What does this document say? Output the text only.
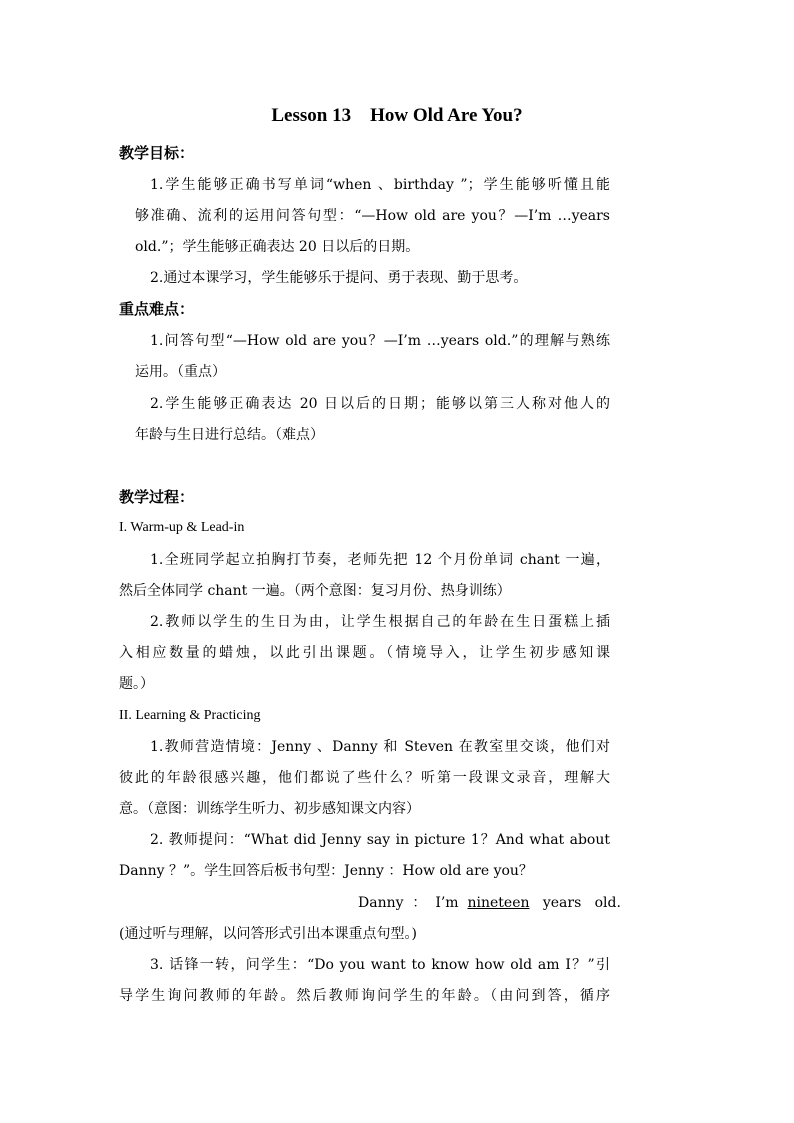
Lesson 13    How Old Are You?
教学目标：
1.学生能够正确书写单词“when 、birthday ”；学生能够听懂且能
够准确、流利的运用问答句型：“—How old are you？—I’m …years
old.”；学生能够正确表达 20 日以后的日期。
2.通过本课学习，学生能够乐于提问、勇于表现、勤于思考。
重点难点：
1.问答句型“—How old are you？—I’m …years old.”的理解与熟练
运用。（重点）
2.学生能够正确表达 20 日以后的日期；能够以第三人称对他人的
年龄与生日进行总结。（难点）
教学过程：
I. Warm-up & Lead-in
1.全班同学起立拍胸打节奏，老师先把 12 个月份单词 chant 一遍，
然后全体同学 chant 一遍。（两个意图：复习月份、热身训练）
2.教师以学生的生日为由，让学生根据自己的年龄在生日蛋糕上插
入相应数量的蜡烛，以此引出课题。（情境导入，让学生初步感知课
题。）
II. Learning & Practicing
1.教师营造情境：Jenny 、Danny 和 Steven 在教室里交谈，他们对
彼此的年龄很感兴趣，他们都说了些什么？听第一段课文录音，理解大
意。（意图：训练学生听力、初步感知课文内容）
2. 教师提问：“What did Jenny say in picture 1？And what about
Danny ？”。学生回答后板书句型：Jenny ：How old are you？
Danny  ：  I’m  nineteen   years   old.
(通过听与理解，以问答形式引出本课重点句型。)
3. 话锋一转，问学生：“Do you want to know how old am I？”引
导学生询问教师的年龄。然后教师询问学生的年龄。（由问到答，循序
